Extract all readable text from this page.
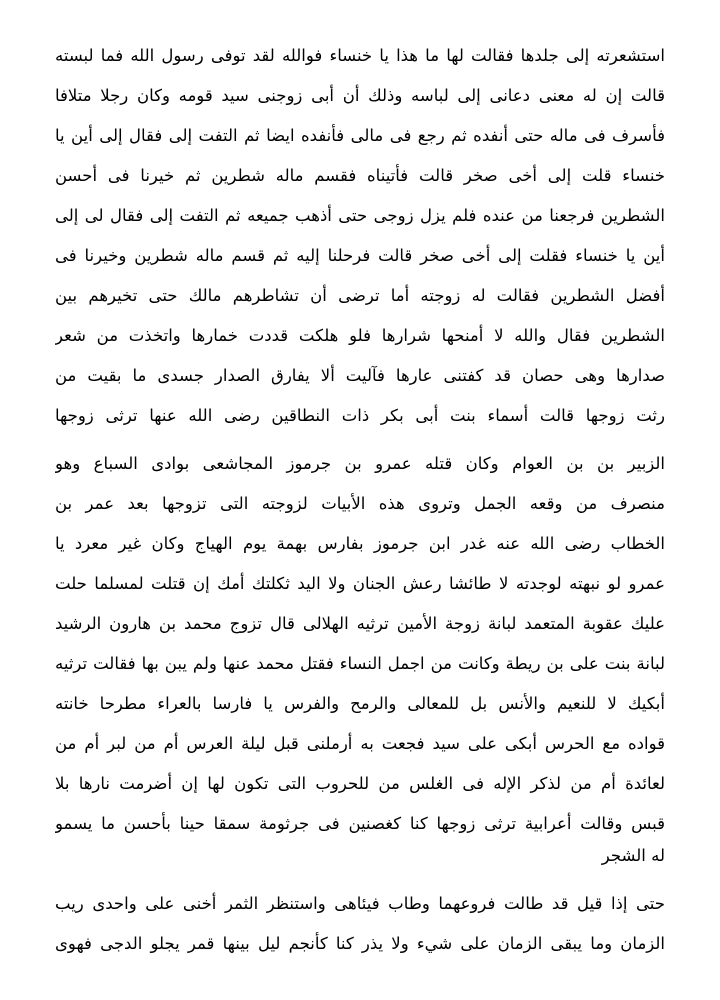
استشعرته إلى جلدها فقالت لها ما هذا يا خنساء فوالله لقد توفى رسول الله فما لبسته
قالت إن له معنى دعانى إلى لباسه وذلك أن أبى زوجنى سيد قومه وكان رجلا متلافا
فأسرف فى ماله حتى أنفده ثم رجع فى مالى فأنفده ايضا ثم التفت إلى فقال إلى أين يا
خنساء قلت إلى أخى صخر قالت فأتيناه فقسم ماله شطرين ثم خيرنا فى أحسن
الشطرين فرجعنا من عنده فلم يزل زوجى حتى أذهب جميعه ثم التفت إلى فقال لى إلى
أين يا خنساء فقلت إلى أخى صخر قالت فرحلنا إليه ثم قسم ماله شطرين وخيرنا فى
أفضل الشطرين فقالت له زوجته أما ترضى أن تشاطرهم مالك حتى تخيرهم بين
الشطرين فقال والله لا أمنحها شرارها فلو هلكت قددت خمارها واتخذت من شعر
صدارها وهى حصان قد كفتنى عارها فآليت ألا يفارق الصدار جسدى ما بقيت من
رثت زوجها قالت أسماء بنت أبى بكر ذات النطاقين رضى الله عنها ترثى زوجها
الزبير بن بن العوام وكان قتله عمرو بن جرموز المجاشعى بوادى السباع وهو
منصرف من وقعه الجمل وتروى هذه الأبيات لزوجته التى تزوجها بعد عمر بن
الخطاب رضى الله عنه غدر ابن جرموز بفارس بهمة يوم الهياج وكان غير معرد يا
عمرو لو نبهته لوجدته لا طائشا رعش الجنان ولا اليد ثكلتك أمك إن قتلت لمسلما حلت
عليك عقوبة المتعمد لبانة زوجة الأمين ترثيه الهلالى قال تزوج محمد بن هارون الرشيد
لبانة بنت على بن ريطة وكانت من اجمل النساء فقتل محمد عنها ولم يبن بها فقالت ترثيه
أبكيك لا للنعيم والأنس بل للمعالى والرمح والفرس يا فارسا بالعراء مطرحا خانته
قواده مع الحرس أبكى على سيد فجعت به أرملنى قبل ليلة العرس أم من لبر أم من
لعائدة أم من لذكر الإله فى الغلس من للحروب التى تكون لها إن أضرمت نارها بلا
قبس وقالت أعرابية ترثى زوجها كنا كغصنين فى جرثومة سمقا حينا بأحسن ما يسمو
له الشجر
حتى إذا قيل قد طالت فروعهما وطاب فيئاهى واستنظر الثمر أخنى على واحدى ريب
الزمان وما يبقى الزمان على شيء ولا يذر كنا كأنجم ليل بينها قمر يجلو الدجى فهوى
